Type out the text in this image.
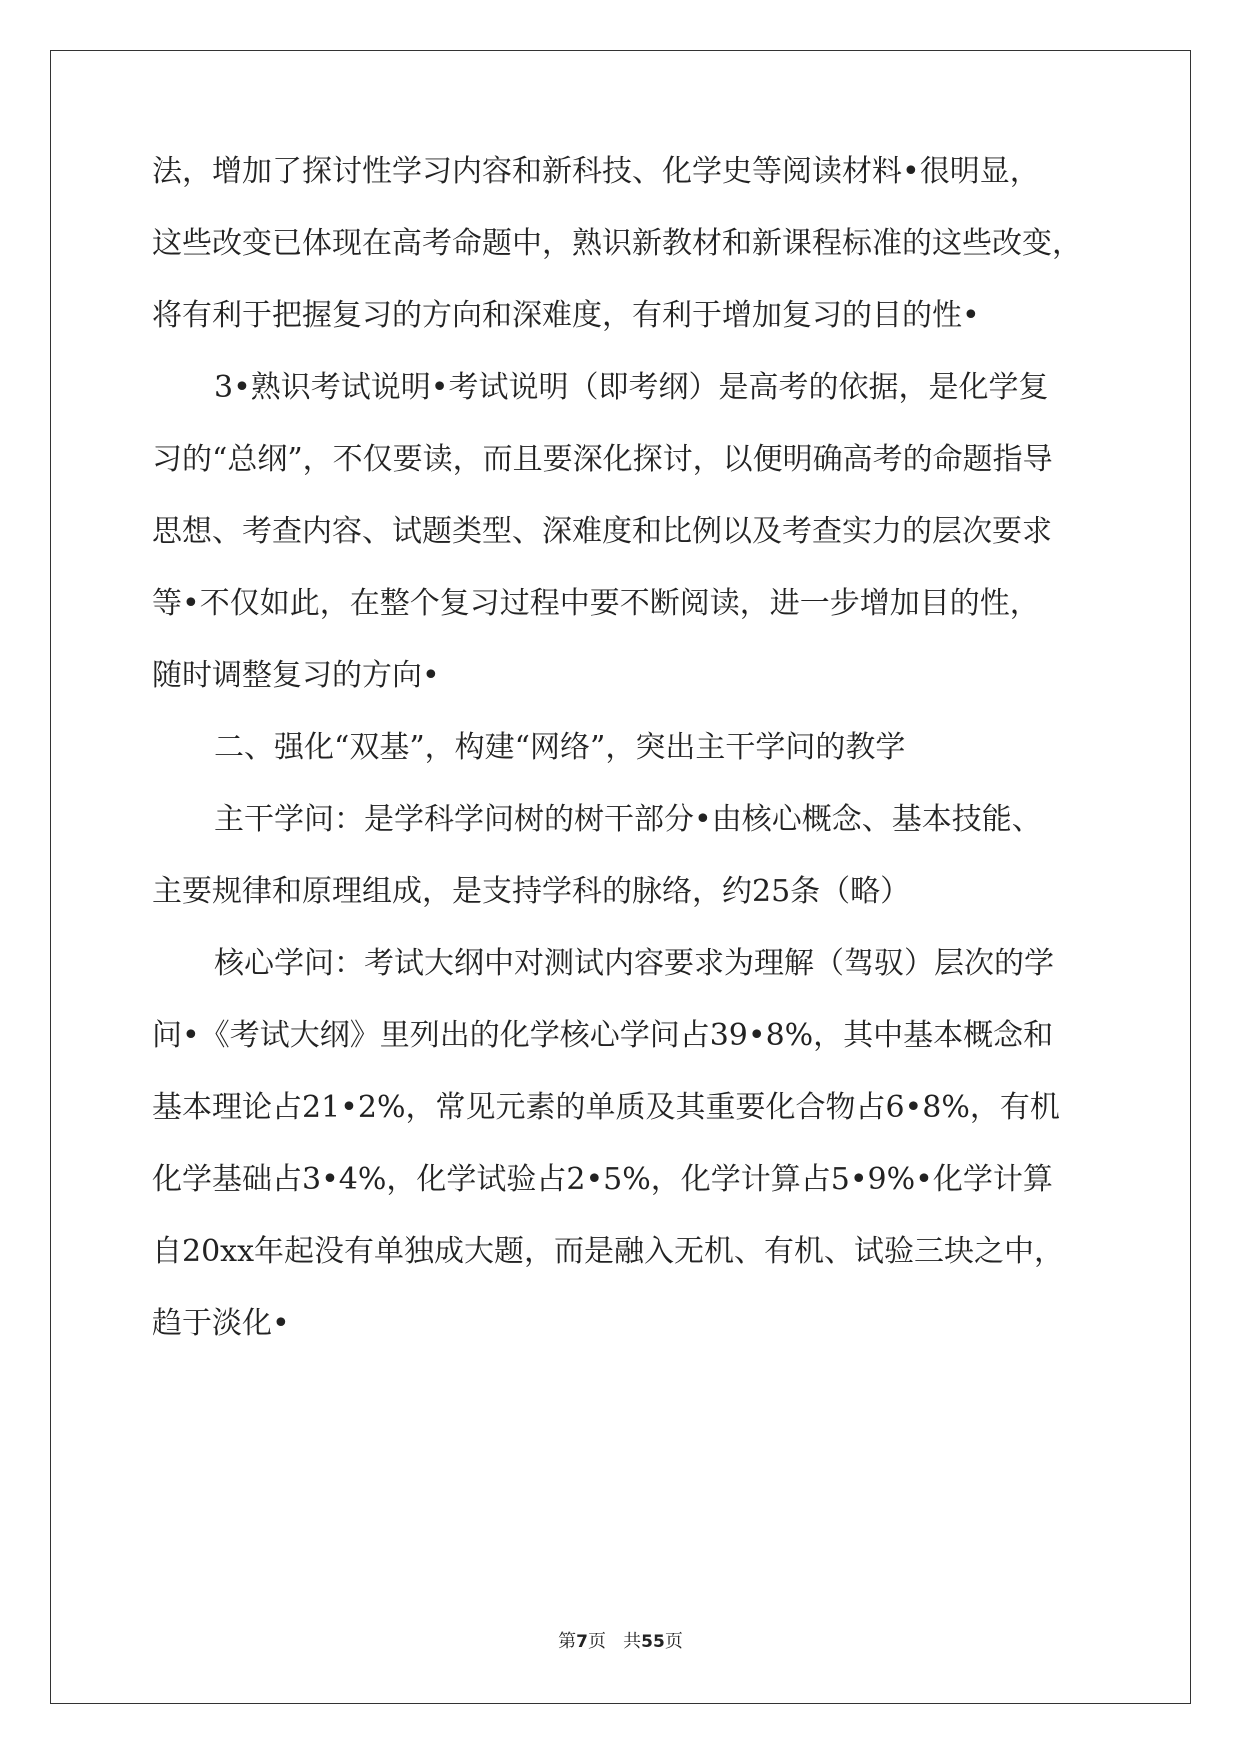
法，增加了探讨性学习内容和新科技、化学史等阅读材料•很明显，
这些改变已体现在高考命题中，熟识新教材和新课程标准的这些改变，
将有利于把握复习的方向和深难度，有利于增加复习的目的性•
3•熟识考试说明•考试说明（即考纲）是高考的依据，是化学复
习的“总纲”，不仅要读，而且要深化探讨，以便明确高考的命题指导
思想、考查内容、试题类型、深难度和比例以及考查实力的层次要求
等•不仅如此，在整个复习过程中要不断阅读，进一步增加目的性，
随时调整复习的方向•
二、强化“双基”，构建“网络”，突出主干学问的教学
主干学问：是学科学问树的树干部分•由核心概念、基本技能、
主要规律和原理组成，是支持学科的脉络，约25条（略）
核心学问：考试大纲中对测试内容要求为理解（驾驭）层次的学
问•《考试大纲》里列出的化学核心学问占39•8%，其中基本概念和
基本理论占21•2%，常见元素的单质及其重要化合物占6•8%，有机
化学基础占3•4%，化学试验占2•5%，化学计算占5•9%•化学计算
自20xx年起没有单独成大题，而是融入无机、有机、试验三块之中，
趋于淡化•
第7页 共55页
